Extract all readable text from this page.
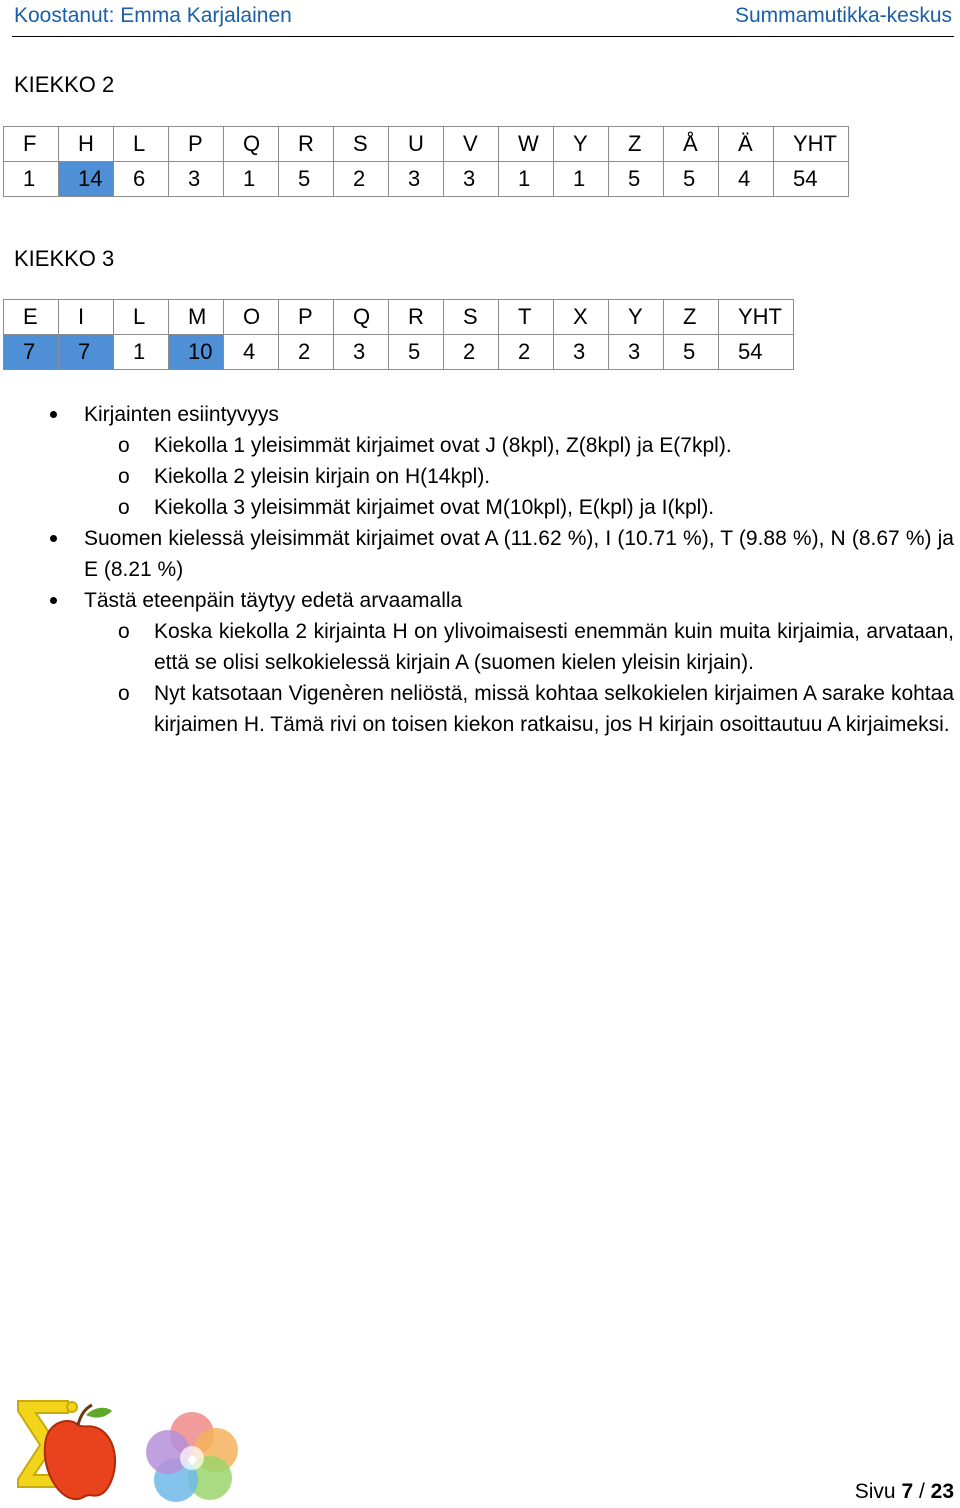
Koostanut: Emma Karjalainen	Summamutikka-keskus
KIEKKO 2
F	H	L	P	Q	R	S	U	V	W	Y	Z	Å	Ä	YHT
1	14	6	3	1	5	2	3	3	1	1	5	5	4	54
KIEKKO 3
E	I	L	M	O	P	Q	R	S	T	X	Y	Z	YHT
7	7	1	10	4	2	3	5	2	2	3	3	5	54
Kirjainten esiintyvyys
o Kiekolla 1 yleisimmät kirjaimet ovat J (8kpl), Z(8kpl) ja E(7kpl).
o Kiekolla 2 yleisin kirjain on H(14kpl).
o Kiekolla 3 yleisimmät kirjaimet ovat M(10kpl), E(kpl) ja I(kpl).
Suomen kielessä yleisimmät kirjaimet ovat A (11.62 %), I (10.71 %), T (9.88 %), N (8.67 %) ja E (8.21 %)
Tästä eteenpäin täytyy edetä arvaamalla
o Koska kiekolla 2 kirjainta H on ylivoimaisesti enemmän kuin muita kirjaimia, arvataan, että se olisi selkokielessä kirjain A (suomen kielen yleisin kirjain).
o Nyt katsotaan Vigenèren neliöstä, missä kohtaa selkokielen kirjaimen A sarake kohtaa kirjaimen H. Tämä rivi on toisen kiekon ratkaisu, jos H kirjain osoittautuu A kirjaimeksi.
Sivu 7 / 23
